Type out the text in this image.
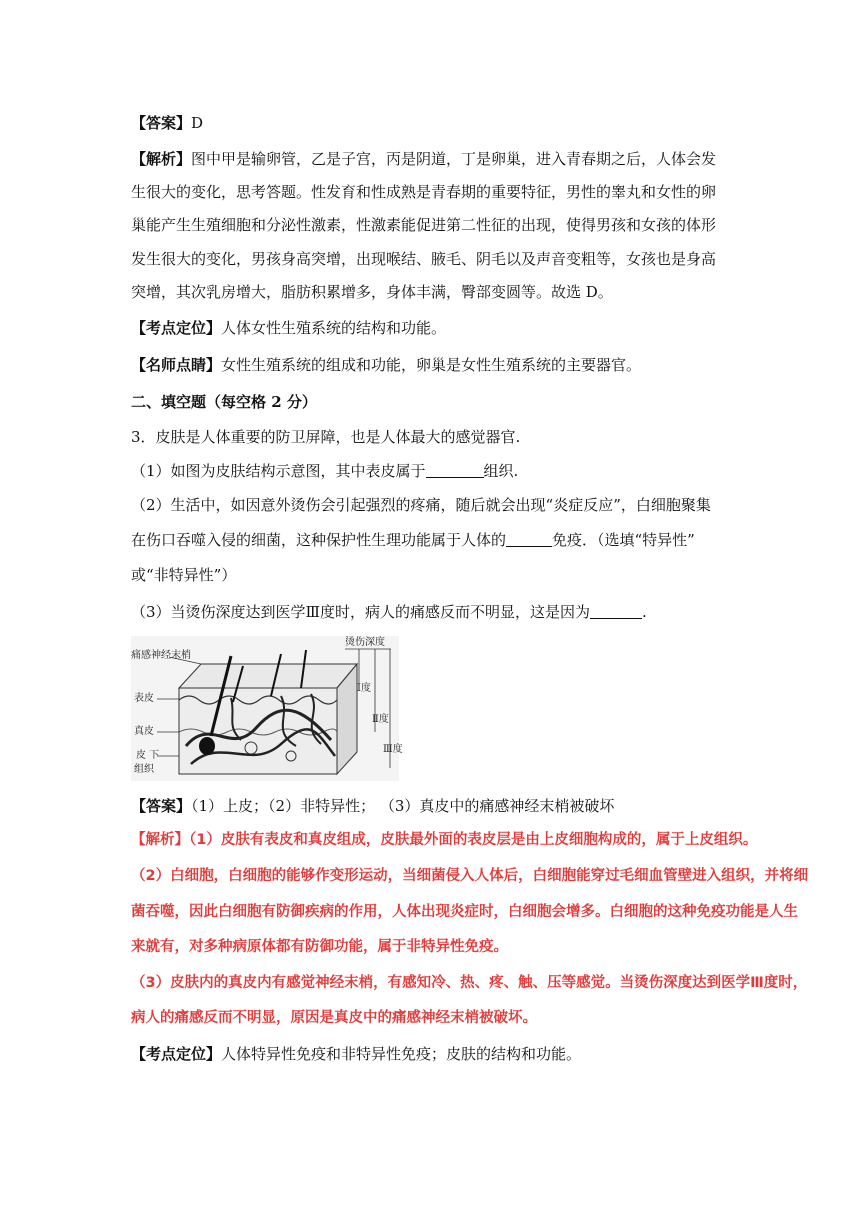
【答案】D
【解析】图中甲是输卵管，乙是子宫，丙是阴道，丁是卵巢，进入青春期之后，人体会发
生很大的变化，思考答题。性发育和性成熟是青春期的重要特征，男性的睾丸和女性的卵
巢能产生生殖细胞和分泌性激素，性激素能促进第二性征的出现，使得男孩和女孩的体形
发生很大的变化，男孩身高突增，出现喉结、腋毛、阴毛以及声音变粗等，女孩也是身高
突增，其次乳房增大，脂肪积累增多，身体丰满，臀部变圆等。故选 D。
【考点定位】人体女性生殖系统的结构和功能。
【名师点睛】女性生殖系统的组成和功能，卵巢是女性生殖系统的主要器官。
二、填空题（每空格 2 分）
3．皮肤是人体重要的防卫屏障，也是人体最大的感觉器官.
（1）如图为皮肤结构示意图，其中表皮属于	组织.
（2）生活中，如因意外烫伤会引起强烈的疼痛，随后就会出现“炎症反应”，白细胞聚集
在伤口吞噬入侵的细菌，这种保护性生理功能属于人体的	免疫．（选填“特异性”
或“非特异性”）
（3）当烫伤深度达到医学Ⅲ度时，病人的痛感反而不明显，这是因为	.
痛感神经末梢
烫伤深度
表皮
真皮
皮 下
组织
Ⅰ度
Ⅱ度
Ⅲ度
【答案】（1）上皮；（2）非特异性； （3）真皮中的痛感神经末梢被破坏
【解析】（1）皮肤有表皮和真皮组成，皮肤最外面的表皮层是由上皮细胞构成的，属于上皮组织。
（2）白细胞，白细胞的能够作变形运动，当细菌侵入人体后，白细胞能穿过毛细血管壁进入组织，并将细
菌吞噬，因此白细胞有防御疾病的作用，人体出现炎症时，白细胞会增多。白细胞的这种免疫功能是人生
来就有，对多种病原体都有防御功能，属于非特异性免疫。
（3）皮肤内的真皮内有感觉神经末梢，有感知冷、热、疼、触、压等感觉。当烫伤深度达到医学Ⅲ度时，
病人的痛感反而不明显，原因是真皮中的痛感神经末梢被破坏。
【考点定位】人体特异性免疫和非特异性免疫；皮肤的结构和功能。
